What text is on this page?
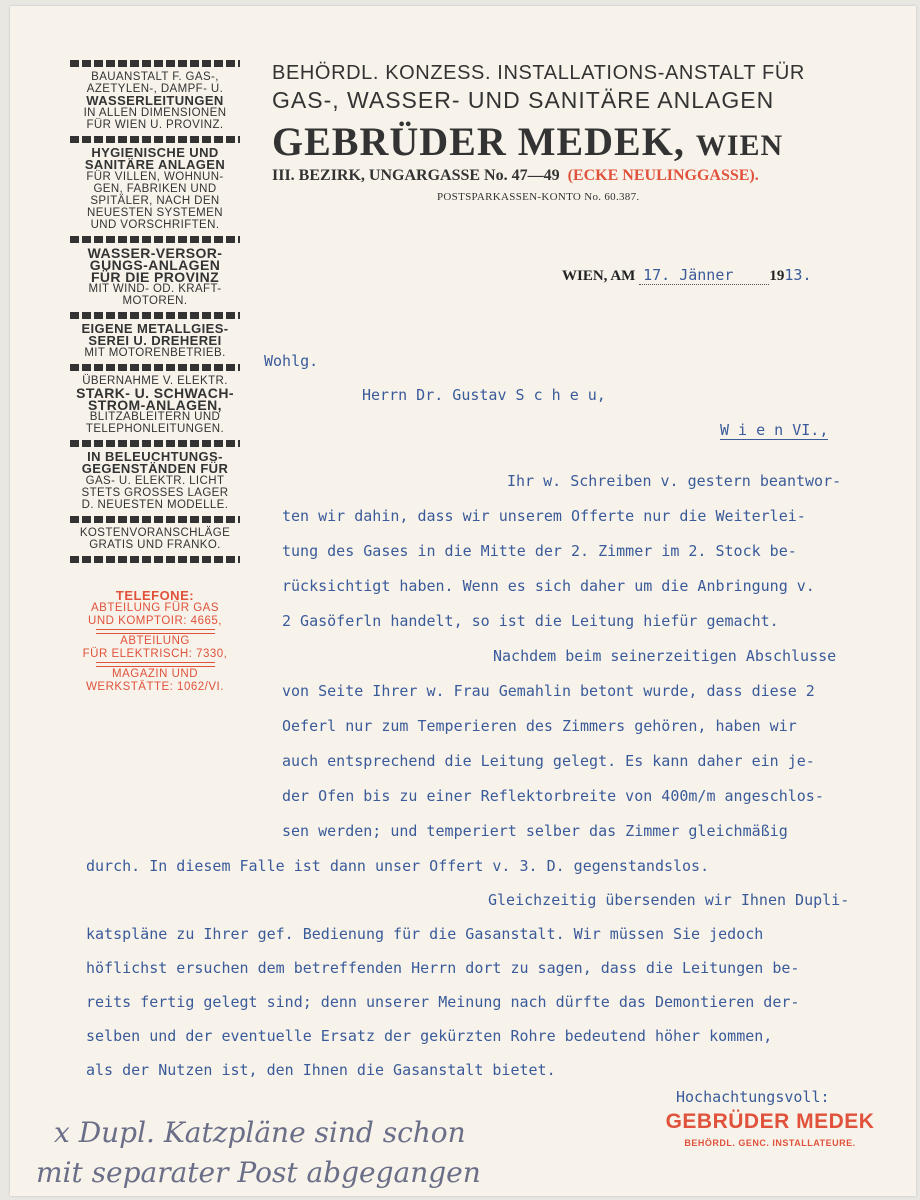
BAUANSTALT F. GAS-,
AZETYLEN-, DAMPF- U.
WASSERLEITUNGEN
IN ALLEN DIMENSIONEN
FÜR WIEN U. PROVINZ.
HYGIENISCHE UND
SANITÄRE ANLAGEN
FÜR VILLEN, WOHNUN-
GEN, FABRIKEN UND
SPITÄLER, NACH DEN
NEUESTEN SYSTEMEN
UND VORSCHRIFTEN.
WASSER-VERSOR-
GUNGS-ANLAGEN
FÜR DIE PROVINZ
MIT WIND- OD. KRAFT-
MOTOREN.
EIGENE METALLGIES-
SEREI U. DREHEREI
MIT MOTORENBETRIEB.
ÜBERNAHME V. ELEKTR.
STARK- U. SCHWACH-
STROM-ANLAGEN,
BLITZABLEITERN UND
TELEPHONLEITUNGEN.
IN BELEUCHTUNGS-
GEGENSTÄNDEN FÜR
GAS- U. ELEKTR. LICHT
STETS GROSSES LAGER
D. NEUESTEN MODELLE.
KOSTENVORANSCHLÄGE
GRATIS UND FRANKO.
TELEFONE:
ABTEILUNG FÜR GAS
UND KOMPTOIR: 4665,
ABTEILUNG
FÜR ELEKTRISCH: 7330,
MAGAZIN UND
WERKSTÄTTE: 1062/VI.
BEHÖRDL. KONZESS. INSTALLATIONS-ANSTALT FÜR
GAS-, WASSER- UND SANITÄRE ANLAGEN
GEBRÜDER MEDEK, WIEN
III. BEZIRK, UNGARGASSE No. 47—49 (ECKE NEULINGGASSE).
POSTSPARKASSEN-KONTO No. 60.387.
WIEN, AM 17. Jänner 1913.
Wohlg.
Herrn Dr. Gustav S c h e u,
W i e n VI.,
Ihr w. Schreiben v. gestern beantwor-
ten wir dahin, dass wir unserem Offerte nur die Weiterlei-
tung des Gases in die Mitte der 2. Zimmer im 2. Stock be-
rücksichtigt haben. Wenn es sich daher um die Anbringung v.
2 Gasöferln handelt, so ist die Leitung hiefür gemacht.
Nachdem beim seinerzeitigen Abschlusse
von Seite Ihrer w. Frau Gemahlin betont wurde, dass diese 2
Oeferl nur zum Temperieren des Zimmers gehören, haben wir
auch entsprechend die Leitung gelegt. Es kann daher ein je-
der Ofen bis zu einer Reflektorbreite von 400m/m angeschlos-
sen werden; und temperiert selber das Zimmer gleichmäßig
durch. In diesem Falle ist dann unser Offert v. 3. D. gegenstandslos.
Gleichzeitig übersenden wir Ihnen Dupli-
katspläne zu Ihrer gef. Bedienung für die Gasanstalt. Wir müssen Sie jedoch
höflichst ersuchen dem betreffenden Herrn dort zu sagen, dass die Leitungen be-
reits fertig gelegt sind; denn unserer Meinung nach dürfte das Demontieren der-
selben und der eventuelle Ersatz der gekürzten Rohre bedeutend höher kommen,
als der Nutzen ist, den Ihnen die Gasanstalt bietet.
Hochachtungsvoll:
GEBRÜDER MEDEK
BEHÖRDL. GENC. INSTALLATEURE.
x Dupl. Katzpläne sind schon
mit separater Post abgegangen
